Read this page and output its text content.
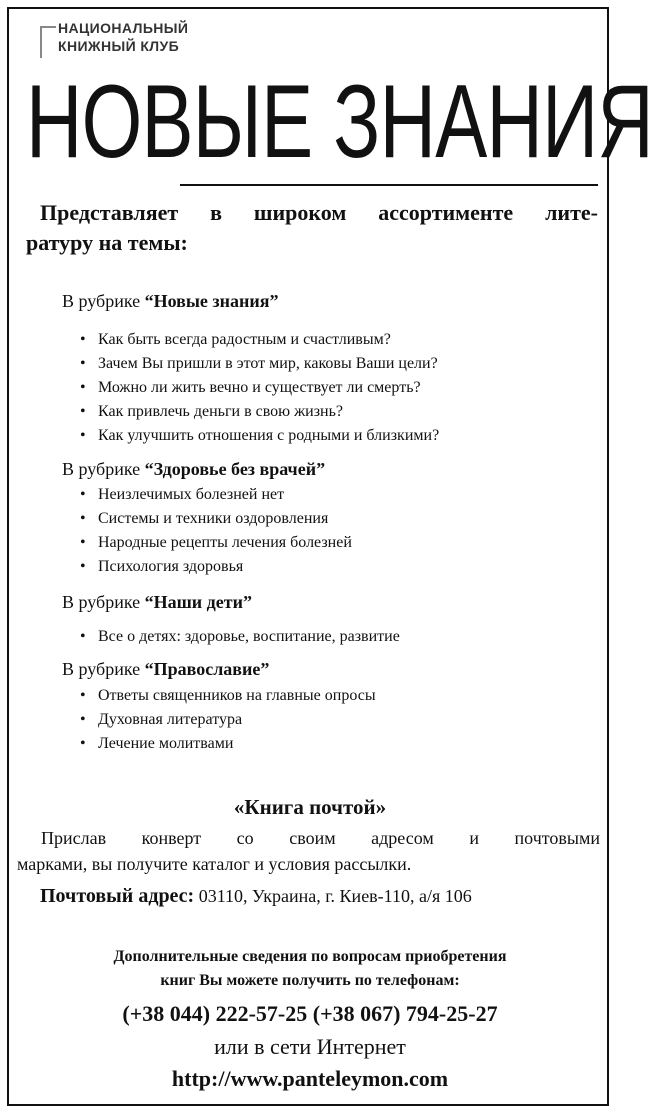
НАЦИОНАЛЬНЫЙ
КНИЖНЫЙ КЛУБ
НОВЫЕ ЗНАНИЯ
Представляет в широком ассортименте лите-
ратуру на темы:
В рубрике “Новые знания”
• Как быть всегда радостным и счастливым?
• Зачем Вы пришли в этот мир, каковы Ваши цели?
• Можно ли жить вечно и существует ли смерть?
• Как привлечь деньги в свою жизнь?
• Как улучшить отношения с родными и близкими?
В рубрике “Здоровье без врачей”
• Неизлечимых болезней нет
• Системы и техники оздоровления
• Народные рецепты лечения болезней
• Психология здоровья
В рубрике “Наши дети”
• Все о детях: здоровье, воспитание, развитие
В рубрике “Православие”
• Ответы священников на главные опросы
• Духовная литература
• Лечение молитвами
«Книга почтой»
Прислав конверт со своим адресом и почтовыми
марками, вы получите каталог и условия рассылки.
Почтовый адрес: 03110, Украина, г. Киев-110, а/я 106
Дополнительные сведения по вопросам приобретения
книг Вы можете получить по телефонам:
(+38 044) 222-57-25 (+38 067) 794-25-27
или в сети Интернет
http://www.panteleymon.com
